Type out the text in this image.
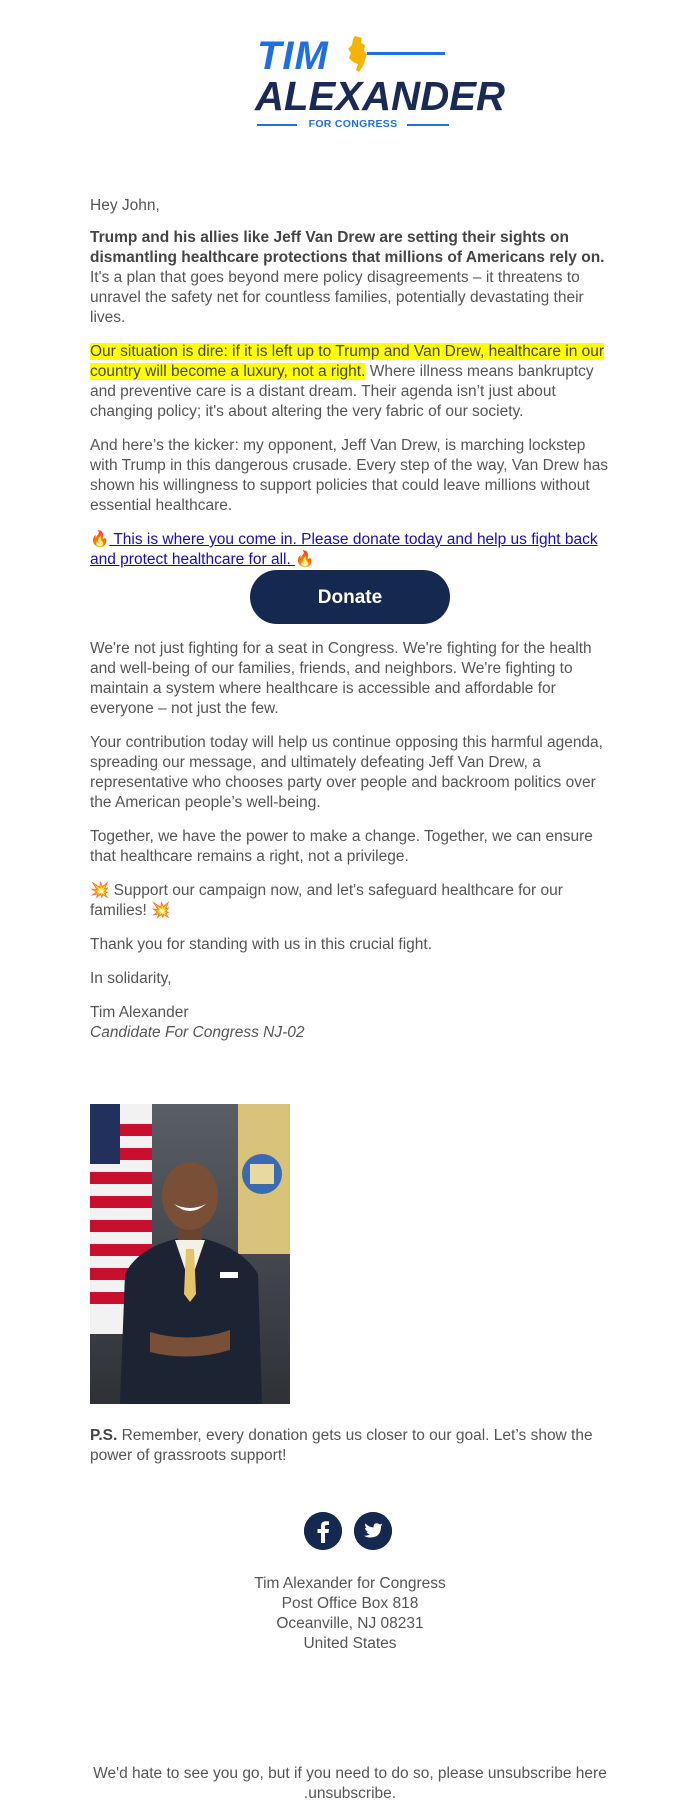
TIM
ALEXANDER
FOR CONGRESS

Hey John,

Trump and his allies like Jeff Van Drew are setting their sights on dismantling healthcare protections that millions of Americans rely on.
It's a plan that goes beyond mere policy disagreements – it threatens to unravel the safety net for countless families, potentially devastating their lives.

Our situation is dire: if it is left up to Trump and Van Drew, healthcare in our country will become a luxury, not a right. Where illness means bankruptcy and preventive care is a distant dream. Their agenda isn’t just about changing policy; it's about altering the very fabric of our society.

And here’s the kicker: my opponent, Jeff Van Drew, is marching lockstep with Trump in this dangerous crusade. Every step of the way, Van Drew has shown his willingness to support policies that could leave millions without essential healthcare.

🔥 This is where you come in. Please donate today and help us fight back and protect healthcare for all. 🔥

Donate

We're not just fighting for a seat in Congress. We're fighting for the health and well-being of our families, friends, and neighbors. We're fighting to maintain a system where healthcare is accessible and affordable for everyone – not just the few.

Your contribution today will help us continue opposing this harmful agenda, spreading our message, and ultimately defeating Jeff Van Drew, a representative who chooses party over people and backroom politics over the American people’s well-being.

Together, we have the power to make a change. Together, we can ensure that healthcare remains a right, not a privilege.

💥 Support our campaign now, and let's safeguard healthcare for our families! 💥

Thank you for standing with us in this crucial fight.

In solidarity,

Tim Alexander
Candidate For Congress NJ-02

P.S. Remember, every donation gets us closer to our goal. Let’s show the power of grassroots support!

Tim Alexander for Congress
Post Office Box 818
Oceanville, NJ 08231
United States
We'd hate to see you go, but if you need to do so, please unsubscribe here .unsubscribe.
